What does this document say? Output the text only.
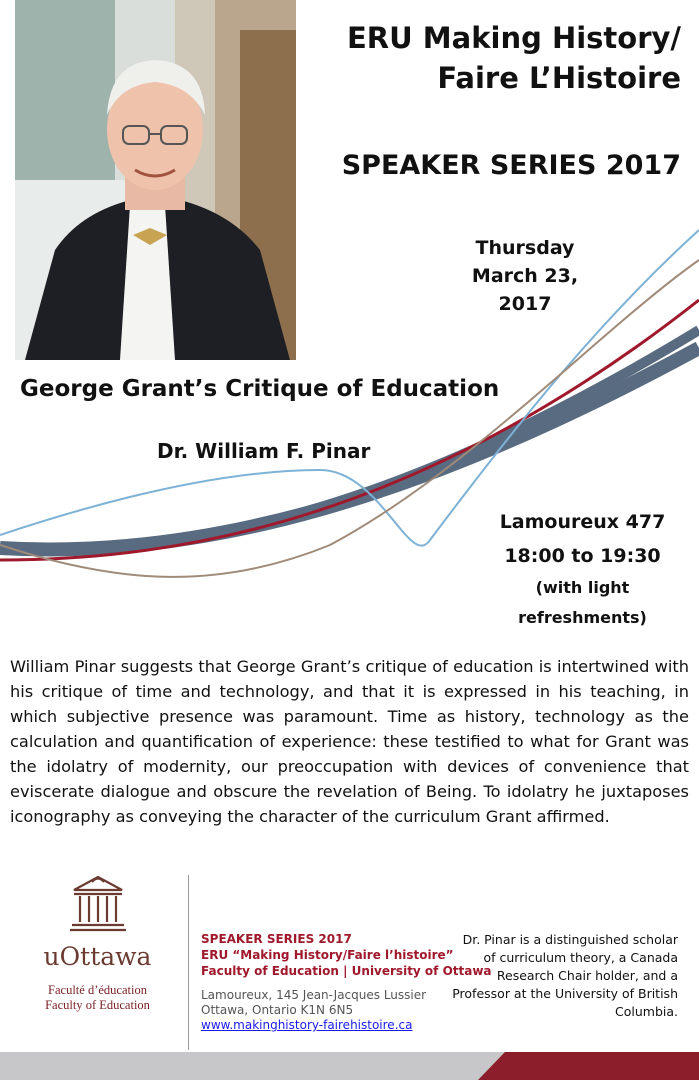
ERU Making History/
Faire L’Histoire
SPEAKER SERIES 2017
Thursday
March 23, 2017
George Grant’s Critique of Education
Dr. William F. Pinar
Lamoureux 477
18:00 to 19:30
(with light refreshments)
William Pinar suggests that George Grant’s critique of education is intertwined with his critique of time and technology, and that it is expressed in his teaching, in which subjective presence was paramount. Time as history, technology as the calculation and quantification of experience: these testified to what for Grant was the idolatry of modernity, our preoccupation with devices of convenience that eviscerate dialogue and obscure the revelation of Being. To idolatry he juxtaposes iconography as conveying the character of the curriculum Grant affirmed.
uOttawa
Faculté d’éducation
Faculty of Education
SPEAKER SERIES 2017
ERU “Making History/Faire l’histoire”
Faculty of Education | University of Ottawa
Lamoureux, 145 Jean-Jacques Lussier
Ottawa, Ontario K1N 6N5
www.makinghistory-fairehistoire.ca
Dr. Pinar is a distinguished scholar of curriculum theory, a Canada Research Chair holder, and a Professor at the University of British Columbia.
